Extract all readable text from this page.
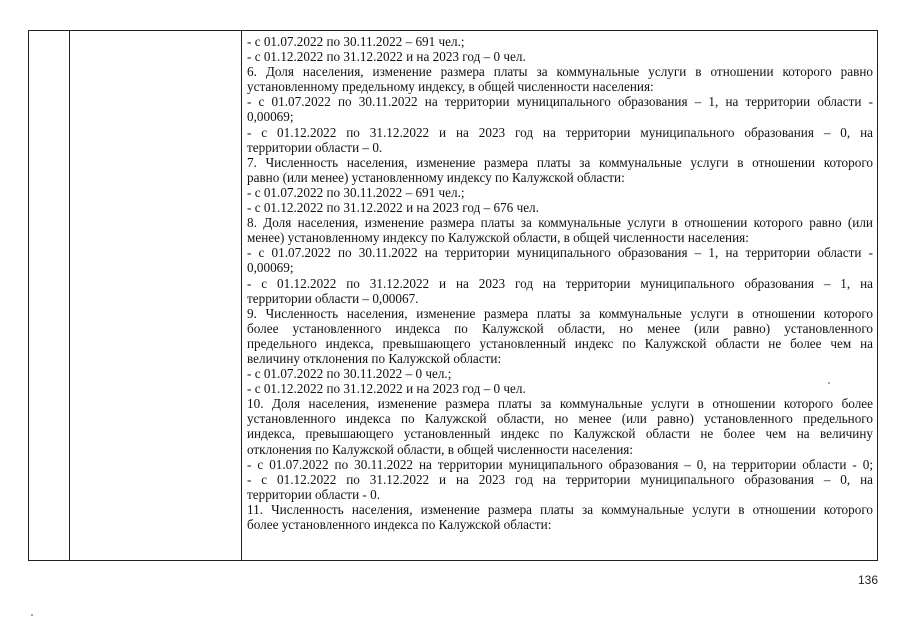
- с 01.07.2022 по 30.11.2022 – 691 чел.;
- с 01.12.2022 по 31.12.2022 и на 2023 год – 0 чел.
6. Доля населения, изменение размера платы за коммунальные услуги в отношении которого равно
установленному предельному индексу, в общей численности населения:
- с 01.07.2022 по 30.11.2022 на территории муниципального образования – 1, на территории области -
0,00069;
- с 01.12.2022 по 31.12.2022 и на 2023 год на территории муниципального образования – 0, на
территории области – 0.
7. Численность населения, изменение размера платы за коммунальные услуги в отношении которого
равно (или менее) установленному индексу по Калужской области:
- с 01.07.2022 по 30.11.2022 – 691 чел.;
- с 01.12.2022 по 31.12.2022 и на 2023 год – 676 чел.
8. Доля населения, изменение размера платы за коммунальные услуги в отношении которого равно (или
менее) установленному индексу по Калужской области, в общей численности населения:
- с 01.07.2022 по 30.11.2022 на территории муниципального образования – 1, на территории области -
0,00069;
- с 01.12.2022 по 31.12.2022 и на 2023 год на территории муниципального образования – 1, на
территории области – 0,00067.
9. Численность населения, изменение размера платы за коммунальные услуги в отношении которого
более установленного индекса по Калужской области, но менее (или равно) установленного
предельного индекса, превышающего установленный индекс по Калужской области не более чем на
величину отклонения по Калужской области:
- с 01.07.2022 по 30.11.2022 – 0 чел.;
- с 01.12.2022 по 31.12.2022 и на 2023 год – 0 чел.
10. Доля населения, изменение размера платы за коммунальные услуги в отношении которого более
установленного индекса по Калужской области, но менее (или равно) установленного предельного
индекса, превышающего установленный индекс по Калужской области не более чем на величину
отклонения по Калужской области, в общей численности населения:
- с 01.07.2022 по 30.11.2022 на территории муниципального образования – 0, на территории области - 0;
- с 01.12.2022 по 31.12.2022 и на 2023 год на территории муниципального образования – 0, на
территории области - 0.
11. Численность населения, изменение размера платы за коммунальные услуги в отношении которого
более установленного индекса по Калужской области:
136
